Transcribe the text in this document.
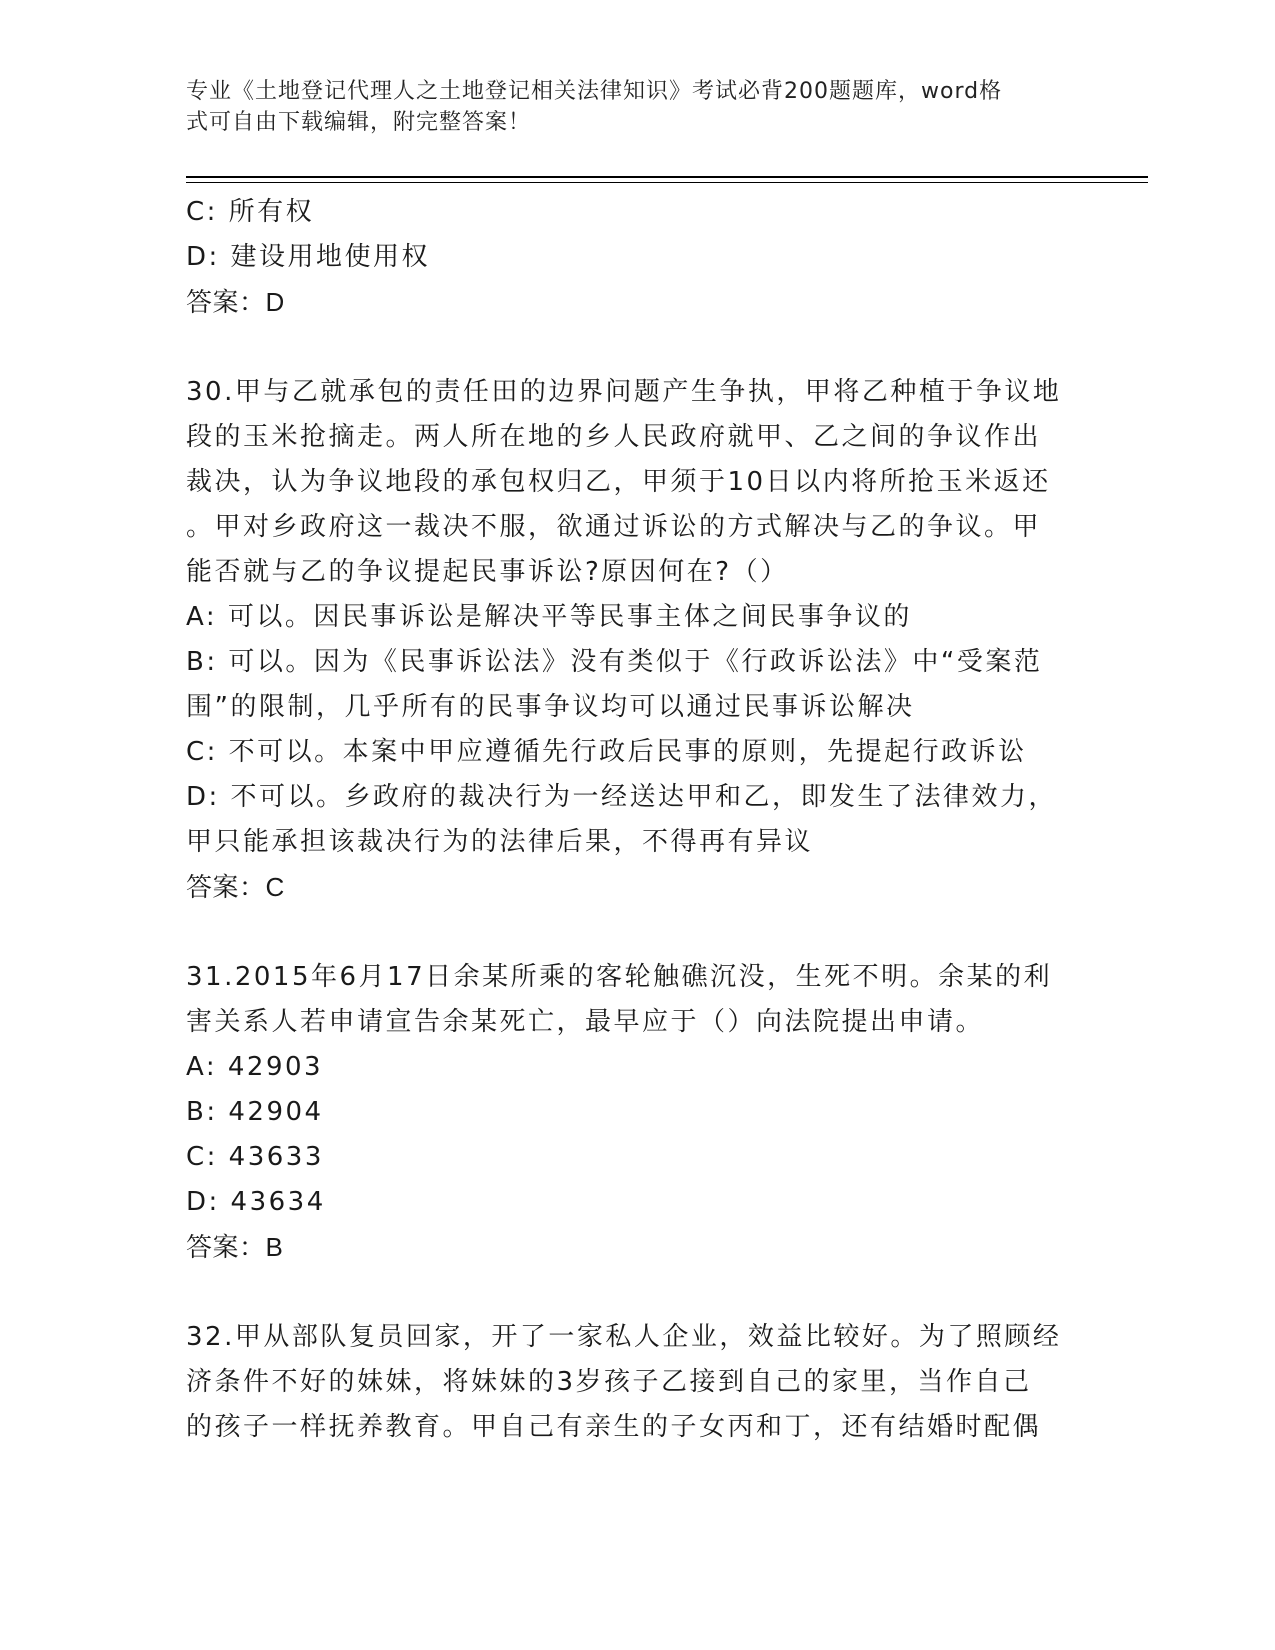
专业《土地登记代理人之土地登记相关法律知识》考试必背200题题库，word格
式可自由下载编辑，附完整答案！
C: 所有权
D: 建设用地使用权
答案：D
30.甲与乙就承包的责任田的边界问题产生争执，甲将乙种植于争议地
段的玉米抢摘走。两人所在地的乡人民政府就甲、乙之间的争议作出
裁决，认为争议地段的承包权归乙，甲须于10日以内将所抢玉米返还
。甲对乡政府这一裁决不服，欲通过诉讼的方式解决与乙的争议。甲
能否就与乙的争议提起民事诉讼?原因何在?（）
A: 可以。因民事诉讼是解决平等民事主体之间民事争议的
B: 可以。因为《民事诉讼法》没有类似于《行政诉讼法》中“受案范
围”的限制，几乎所有的民事争议均可以通过民事诉讼解决
C: 不可以。本案中甲应遵循先行政后民事的原则，先提起行政诉讼
D: 不可以。乡政府的裁决行为一经送达甲和乙，即发生了法律效力，
甲只能承担该裁决行为的法律后果，不得再有异议
答案：C
31.2015年6月17日余某所乘的客轮触礁沉没，生死不明。余某的利
害关系人若申请宣告余某死亡，最早应于（）向法院提出申请。
A: 42903
B: 42904
C: 43633
D: 43634
答案：B
32.甲从部队复员回家，开了一家私人企业，效益比较好。为了照顾经
济条件不好的妹妹，将妹妹的3岁孩子乙接到自己的家里，当作自己
的孩子一样抚养教育。甲自己有亲生的子女丙和丁，还有结婚时配偶
